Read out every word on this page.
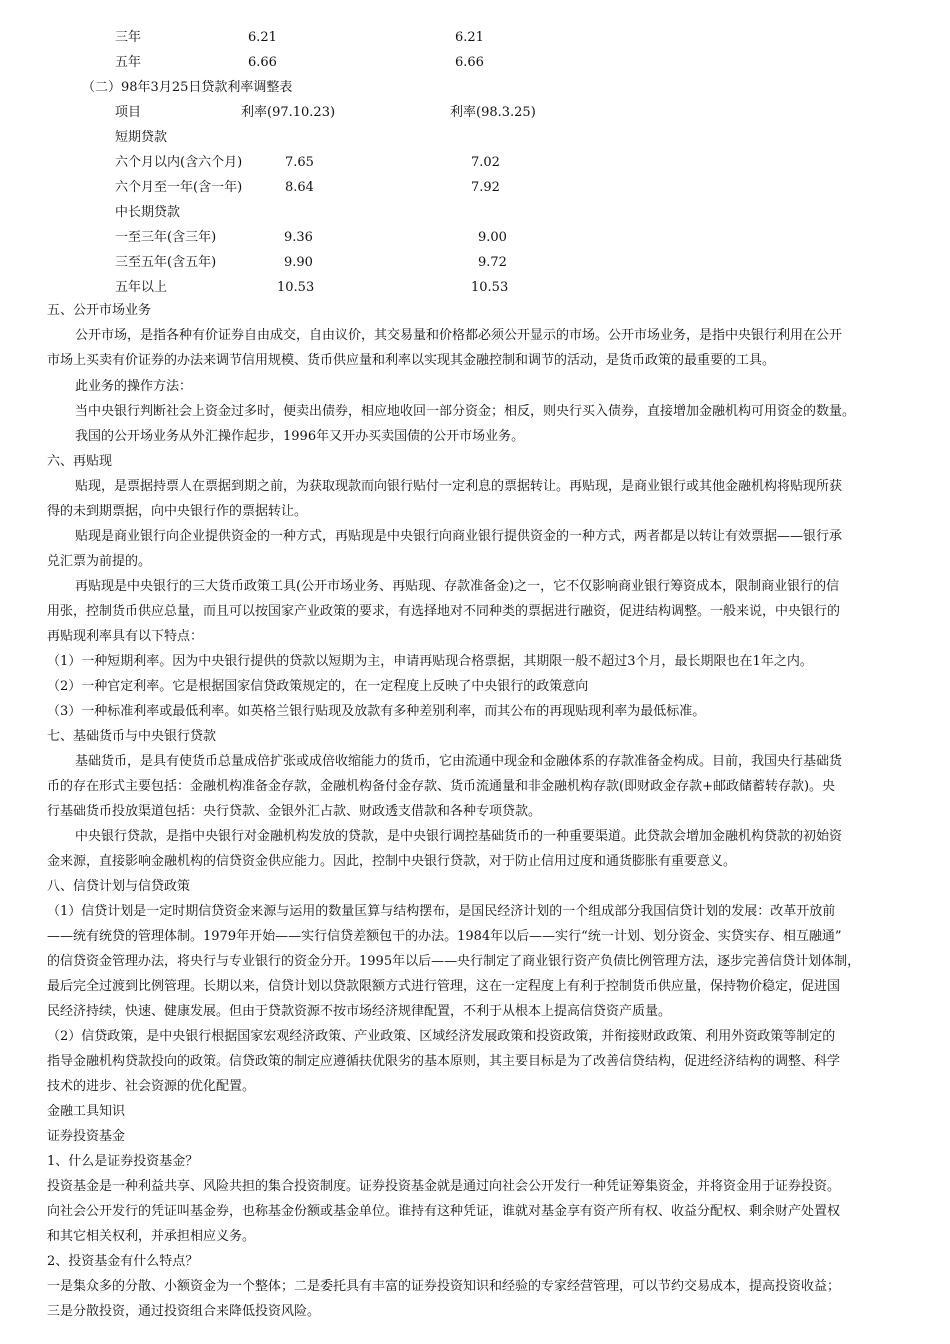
三年	6.21	6.21
五年	6.66	6.66
（二）98年3月25日贷款利率调整表
项目	利率(97.10.23)	利率(98.3.25)
短期贷款
六个月以内(含六个月)	7.65	7.02
六个月至一年(含一年)	8.64	7.92
中长期贷款
一至三年(含三年)	9.36	9.00
三至五年(含五年)	9.90	9.72
五年以上	10.53	10.53
五、公开市场业务
公开市场，是指各种有价证券自由成交，自由议价，其交易量和价格都必须公开显示的市场。公开市场业务，是指中央银行利用在公开
市场上买卖有价证券的办法来调节信用规模、货币供应量和利率以实现其金融控制和调节的活动，是货币政策的最重要的工具。
此业务的操作方法：
当中央银行判断社会上资金过多时，便卖出债券，相应地收回一部分资金；相反，则央行买入债券，直接增加金融机构可用资金的数量。
我国的公开场业务从外汇操作起步，1996年又开办买卖国债的公开市场业务。
六、再贴现
贴现，是票据持票人在票据到期之前，为获取现款而向银行贴付一定利息的票据转让。再贴现，是商业银行或其他金融机构将贴现所获
得的未到期票据，向中央银行作的票据转让。
贴现是商业银行向企业提供资金的一种方式，再贴现是中央银行向商业银行提供资金的一种方式，两者都是以转让有效票据——银行承
兑汇票为前提的。
再贴现是中央银行的三大货币政策工具(公开市场业务、再贴现、存款准备金)之一，它不仅影响商业银行筹资成本，限制商业银行的信
用张，控制货币供应总量，而且可以按国家产业政策的要求，有选择地对不同种类的票据进行融资，促进结构调整。一般来说，中央银行的
再贴现利率具有以下特点：
（1）一种短期利率。因为中央银行提供的贷款以短期为主，申请再贴现合格票据，其期限一般不超过3个月，最长期限也在1年之内。
（2）一种官定利率。它是根据国家信贷政策规定的，在一定程度上反映了中央银行的政策意向
（3）一种标准利率或最低利率。如英格兰银行贴现及放款有多种差别利率，而其公布的再现贴现利率为最低标准。
七、基础货币与中央银行贷款
基础货币，是具有使货币总量成倍扩张或成倍收缩能力的货币，它由流通中现金和金融体系的存款准备金构成。目前，我国央行基础货
币的存在形式主要包括：金融机构准备金存款，金融机构备付金存款、货币流通量和非金融机构存款(即财政金存款+邮政储蓄转存款)。央
行基础货币投放渠道包括：央行贷款、金银外汇占款、财政透支借款和各种专项贷款。
中央银行贷款，是指中央银行对金融机构发放的贷款，是中央银行调控基础货币的一种重要渠道。此贷款会增加金融机构贷款的初始资
金来源，直接影响金融机构的信贷资金供应能力。因此，控制中央银行贷款，对于防止信用过度和通货膨胀有重要意义。
八、信贷计划与信贷政策
（1）信贷计划是一定时期信贷资金来源与运用的数量匡算与结构摆布，是国民经济计划的一个组成部分我国信贷计划的发展：改革开放前
——统有统贷的管理体制。1979年开始——实行信贷差额包干的办法。1984年以后——实行“统一计划、划分资金、实贷实存、相互融通”
的信贷资金管理办法，将央行与专业银行的资金分开。1995年以后——央行制定了商业银行资产负债比例管理方法，逐步完善信贷计划体制，
最后完全过渡到比例管理。长期以来，信贷计划以贷款限额方式进行管理，这在一定程度上有利于控制货币供应量，保持物价稳定，促进国
民经济持续，快速、健康发展。但由于贷款资源不按市场经济规律配置，不利于从根本上提高信贷资产质量。
（2）信贷政策，是中央银行根据国家宏观经济政策、产业政策、区域经济发展政策和投资政策，并衔接财政政策、利用外资政策等制定的
指导金融机构贷款投向的政策。信贷政策的制定应遵循扶优限劣的基本原则，其主要目标是为了改善信贷结构，促进经济结构的调整、科学
技术的进步、社会资源的优化配置。
金融工具知识
证券投资基金
1、什么是证券投资基金？
投资基金是一种利益共享、风险共担的集合投资制度。证券投资基金就是通过向社会公开发行一种凭证筹集资金，并将资金用于证券投资。
向社会公开发行的凭证叫基金券，也称基金份额或基金单位。谁持有这种凭证，谁就对基金享有资产所有权、收益分配权、剩余财产处置权
和其它相关权利，并承担相应义务。
2、投资基金有什么特点？
一是集众多的分散、小额资金为一个整体；二是委托具有丰富的证券投资知识和经验的专家经营管理，可以节约交易成本，提高投资收益；
三是分散投资，通过投资组合来降低投资风险。
